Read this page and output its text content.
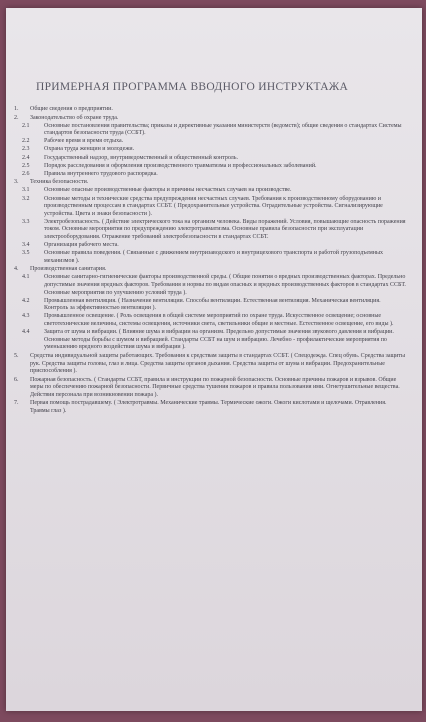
ПРИМЕРНАЯ ПРОГРАММА ВВОДНОГО ИНСТРУКТАЖА
1.	Общие сведения о предприятии.
2.	Законодательство об охране труда.
2.1	Основные постановления правительства; приказы и директивные указания министерств (ведомств); общие сведения о стандартах Системы стандартов безопасности труда (ССБТ).
2.2	Рабочее время и время отдыха.
2.3	Охрана труда женщин и молодежи.
2.4	Государственный надзор, внутриведомственный и общественный контроль.
2.5	Порядок расследования и оформления производственного травматизма и профессиональных заболеваний.
2.6	Правила внутреннего трудового распорядка.
3.	Техника безопасности.
3.1	Основные опасные производственные факторы и причины несчастных случаев на производстве.
3.2	Основные методы и технические средства предупреждения несчастных случаев. Требования к производственному оборудованию и производственным процессам в стандартах ССБТ. ( Предохранительные устройства. Оградительные устройства. Сигнализирующие устройства. Цвета и знаки безопасности ).
3.3	Электробезопасность. ( Действие электрического тока на организм человека. Виды поражений. Условия, повышающие опасность поражения током. Основные мероприятия по предупреждению электротравматизма. Основные правила безопасности при эксплуатации электрооборудования. Отражение требований электробезопасности в стандартах ССБТ.
3.4	Организация рабочего места.
3.5	Основные правила поведения. ( Связанные с движением внутризаводского и внутрицехового транспорта и работой грузоподъемных механизмов ).
4.	Производственная санитария.
4.1	Основные санитарно-гигиенические факторы производственной среды. ( Общие понятия о вредных производственных факторах. Предельно допустимые значения вредных факторов. Требования и нормы по видам опасных и вредных производственных факторов в стандартах ССБТ. Основные мероприятия по улучшению условий труда ).
4.2	Промышленная вентиляция. ( Назначение вентиляции. Способы вентиляции. Естественная вентиляция. Механическая вентиляция. Контроль за эффективностью вентиляции ).
4.3	Промышленное освещение. ( Роль освещения в общей системе мероприятий по охране труда. Искусственное освещение; основные светотехнические величины, системы освещения, источники света, светильники общие и местные. Естественное освещение, его виды ).
4.4	Защита от шума и вибрации. ( Влияние шума и вибрации на организм. Предельно допустимые значения звукового давления и вибрации. Основные методы борьбы с шумом и вибрацией. Стандарты ССБТ на шум и вибрацию. Лечебно - профилактические мероприятия по уменьшению вредного воздействия шума и вибрации ).
5.	Средства индивидуальной защиты работающих. Требования к средствам защиты в стандартах ССБТ. ( Спецодежда. Спец обувь. Средства защиты рук. Средства защиты головы, глаз и лица. Средства защиты органов дыхания. Средства защиты от шума и вибрации. Предохранительные приспособления ).
6.	Пожарная безопасность. ( Стандарты ССБТ, правила и инструкции по пожарной безопасности. Основные причины пожаров и взрывов. Общие меры по обеспечению пожарной безопасности. Первичные средства тушения пожаров и правила пользования ими. Огнетушительные вещества. Действия персонала при возникновении пожара ).
7.	Первая помощь пострадавшему. ( Электротравмы. Механические травмы. Термические ожоги. Ожоги кислотами и щелочами. Отравления. Травмы глаз ).
